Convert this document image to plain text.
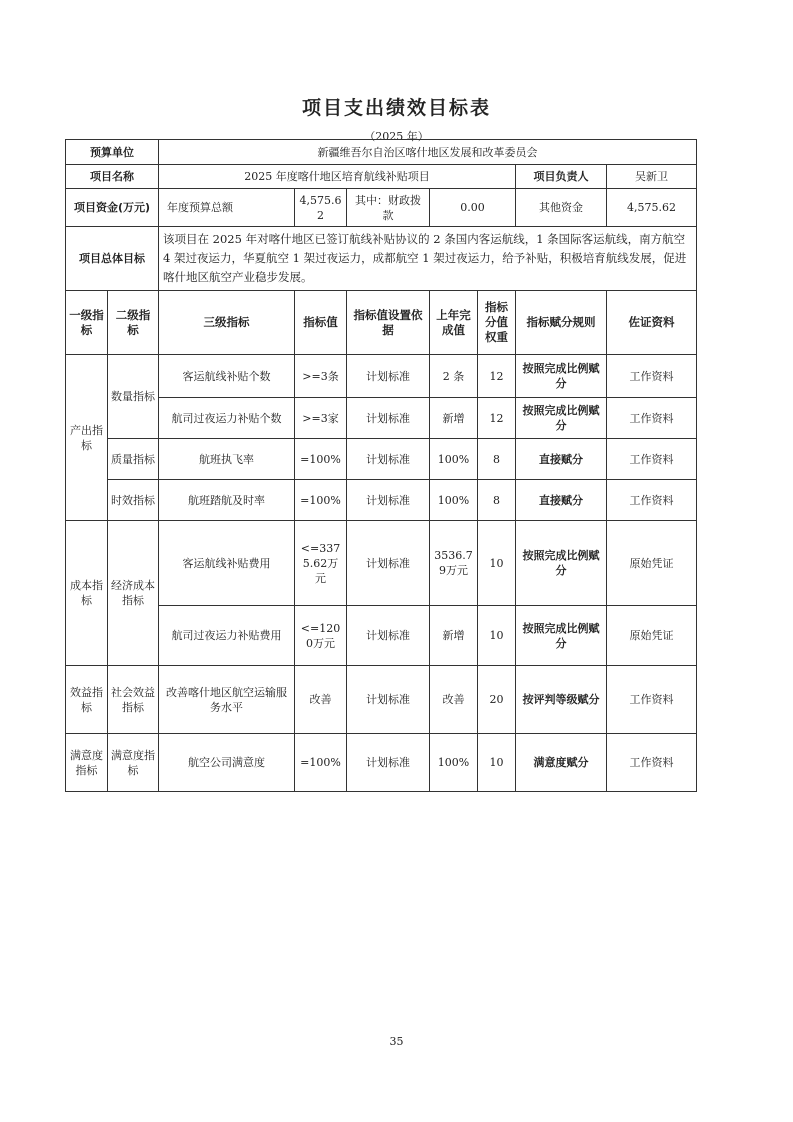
项目支出绩效目标表
（2025 年）
预算单位		新疆维吾尔自治区喀什地区发展和改革委员会						
项目名称		2025 年度喀什地区培育航线补贴项目					项目负责人	吴新卫
项目资金(万元)		年度预算总额	4,575.62	其中：财政拨款	0.00		其他资金	4,575.62
项目总体目标		该项目在 2025 年对喀什地区已签订航线补贴协议的 2 条国内客运航线，1 条国际客运航线，南方航空 4 架过夜运力，华夏航空 1 架过夜运力，成都航空 1 架过夜运力，给予补贴，积极培育航线发展，促进喀什地区航空产业稳步发展。						
一级指标	二级指标	三级指标	指标值	指标值设置依据	上年完成值	指标分值权重	指标赋分规则	佐证资料
产出指标	数量指标	客运航线补贴个数	>=3条	计划标准	2 条	12	按照完成比例赋分	工作资料
		航司过夜运力补贴个数	>=3家	计划标准	新增	12	按照完成比例赋分	工作资料
	质量指标	航班执飞率	=100%	计划标准	100%	8	直接赋分	工作资料
	时效指标	航班踏航及时率	=100%	计划标准	100%	8	直接赋分	工作资料
成本指标	经济成本指标	客运航线补贴费用	<=3375.62万元	计划标准	3536.79万元	10	按照完成比例赋分	原始凭证
		航司过夜运力补贴费用	<=1200万元	计划标准	新增	10	按照完成比例赋分	原始凭证
效益指标	社会效益指标	改善喀什地区航空运输服务水平	改善	计划标准	改善	20	按评判等级赋分	工作资料
满意度指标	满意度指标	航空公司满意度	=100%	计划标准	100%	10	满意度赋分	工作资料
35
